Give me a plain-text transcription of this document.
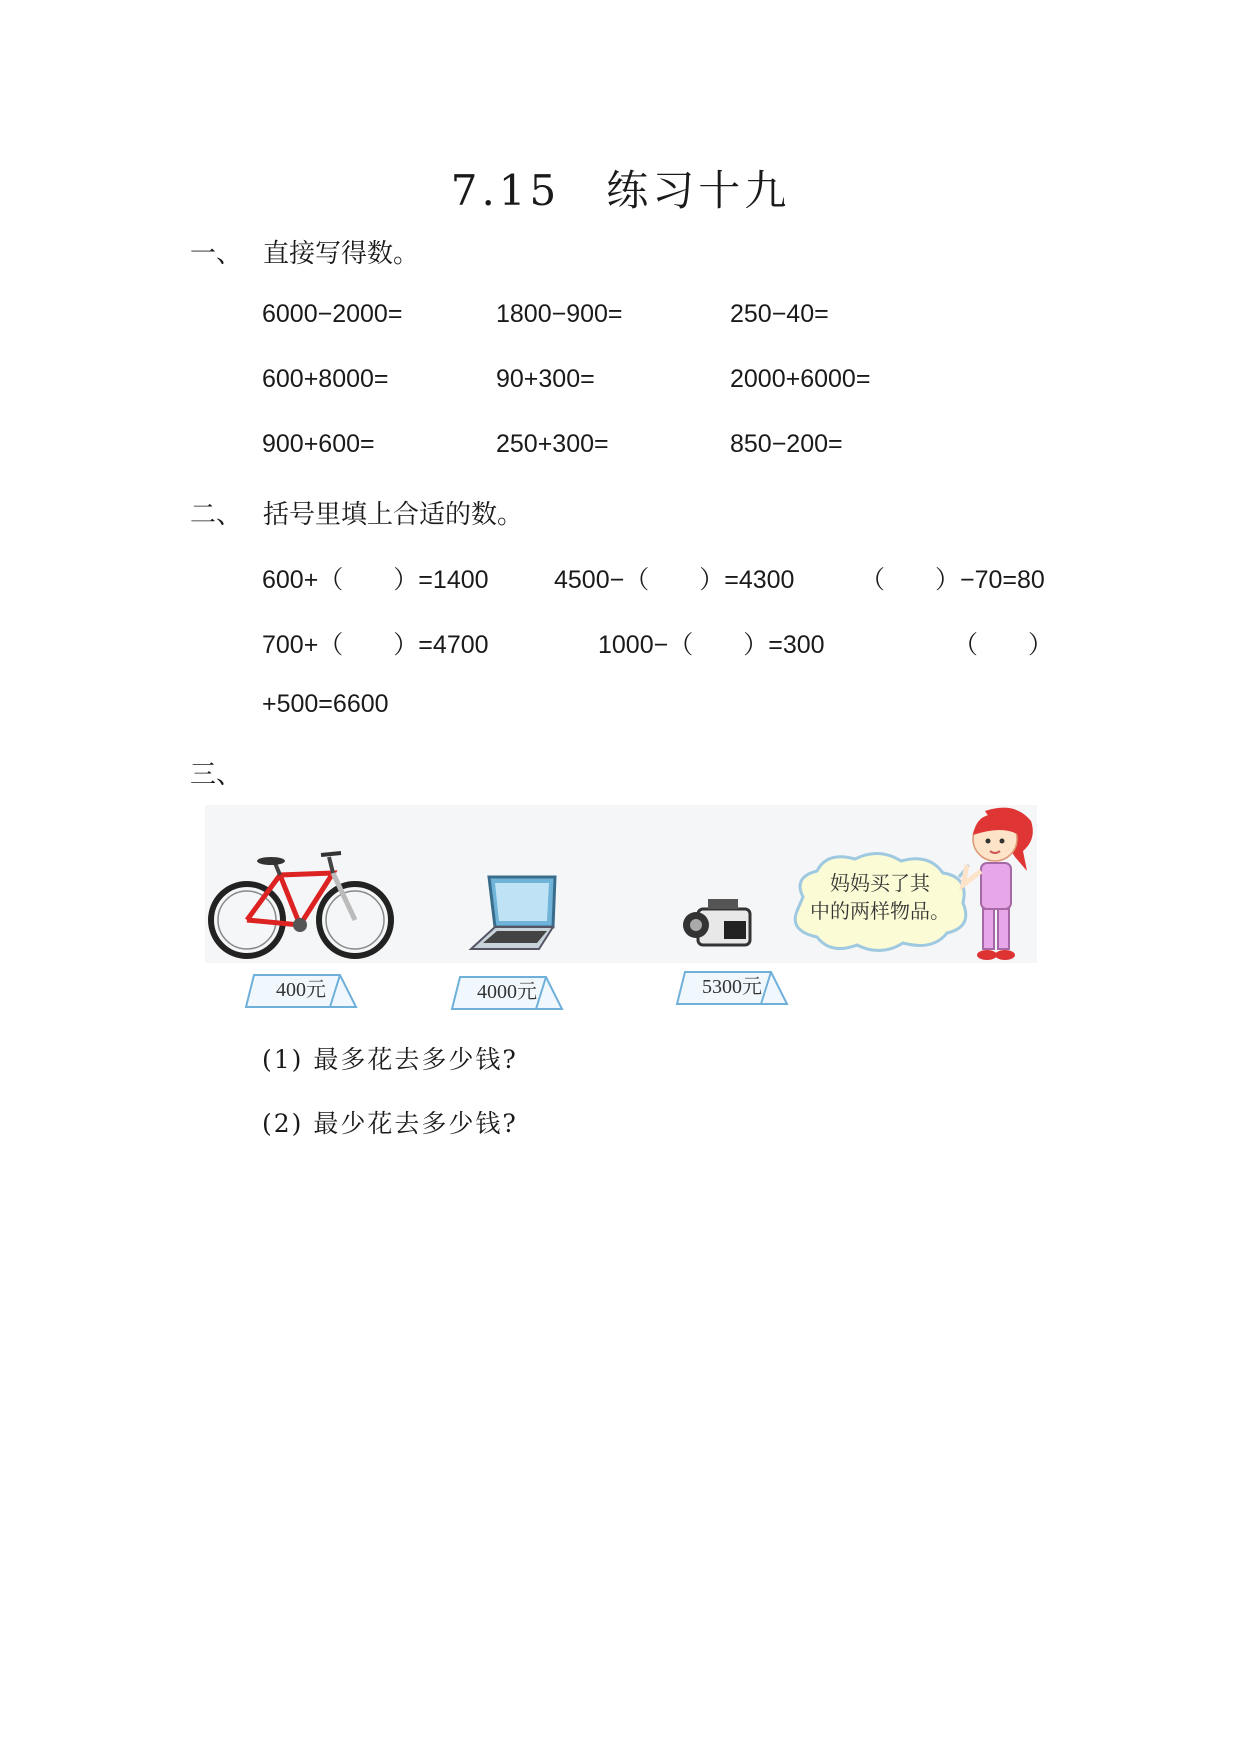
7.15　练习十九
一、 直接写得数。
6000−2000=	1800−900=	250−40=
600+8000=	90+300=	2000+6000=
900+600=	250+300=	850−200=
二、 括号里填上合适的数。
600+（　　）=1400	4500−（　　）=4300	（　　）−70=80
700+（　　）=4700	1000−（　　）=300	（　　）
+500=6600
三、
妈妈买了其
中的两样物品。
400元	4000元	5300元
(1) 最多花去多少钱?
(2) 最少花去多少钱?
